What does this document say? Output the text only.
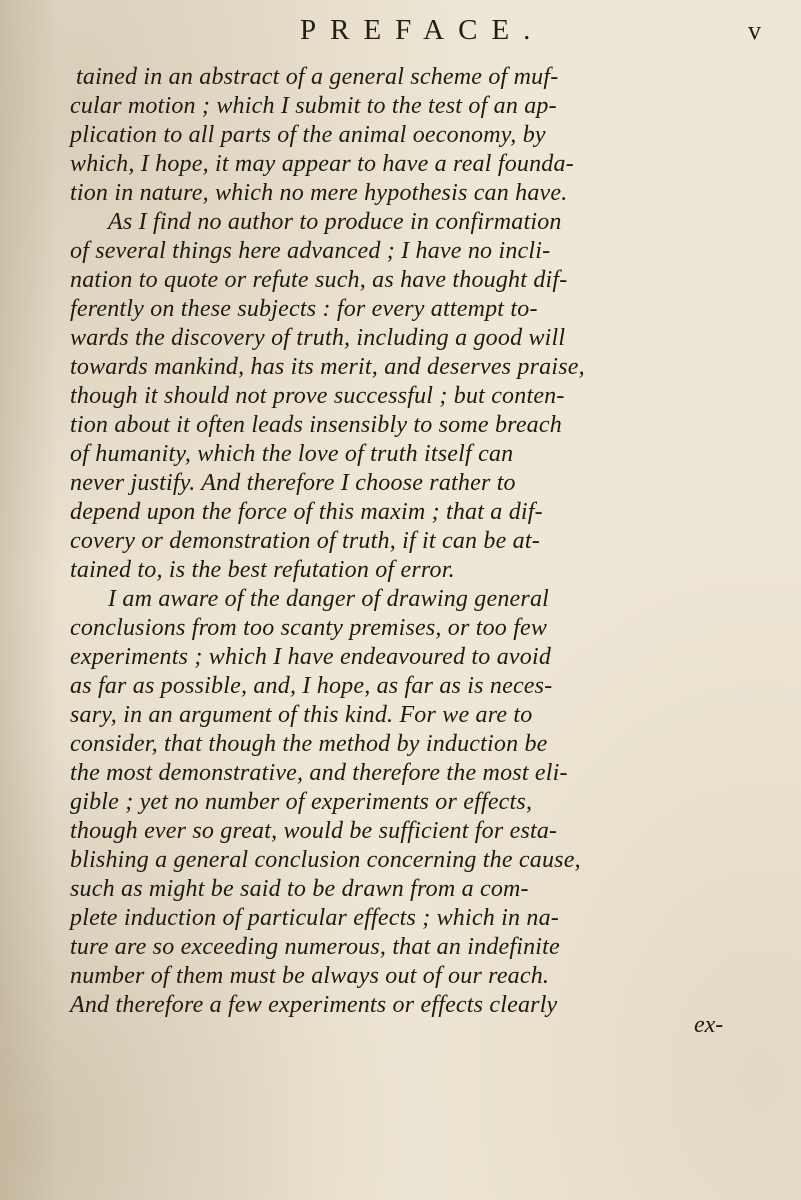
PREFACE.	v
tained in an abstract of a general scheme of muf-
cular motion ; which I submit to the test of an ap-
plication to all parts of the animal oeconomy, by
which, I hope, it may appear to have a real founda-
tion in nature, which no mere hypothesis can have.
As I find no author to produce in confirmation
of several things here advanced ; I have no incli-
nation to quote or refute such, as have thought dif-
ferently on these subjects : for every attempt to-
wards the discovery of truth, including a good will
towards mankind, has its merit, and deserves praise,
though it should not prove successful ; but conten-
tion about it often leads insensibly to some breach
of humanity, which the love of truth itself can
never justify. And therefore I choose rather to
depend upon the force of this maxim ; that a dif-
covery or demonstration of truth, if it can be at-
tained to, is the best refutation of error.
I am aware of the danger of drawing general
conclusions from too scanty premises, or too few
experiments ; which I have endeavoured to avoid
as far as possible, and, I hope, as far as is neces-
sary, in an argument of this kind. For we are to
consider, that though the method by induction be
the most demonstrative, and therefore the most eli-
gible ; yet no number of experiments or effects,
though ever so great, would be sufficient for esta-
blishing a general conclusion concerning the cause,
such as might be said to be drawn from a com-
plete induction of particular effects ; which in na-
ture are so exceeding numerous, that an indefinite
number of them must be always out of our reach.
And therefore a few experiments or effects clearly
ex-
